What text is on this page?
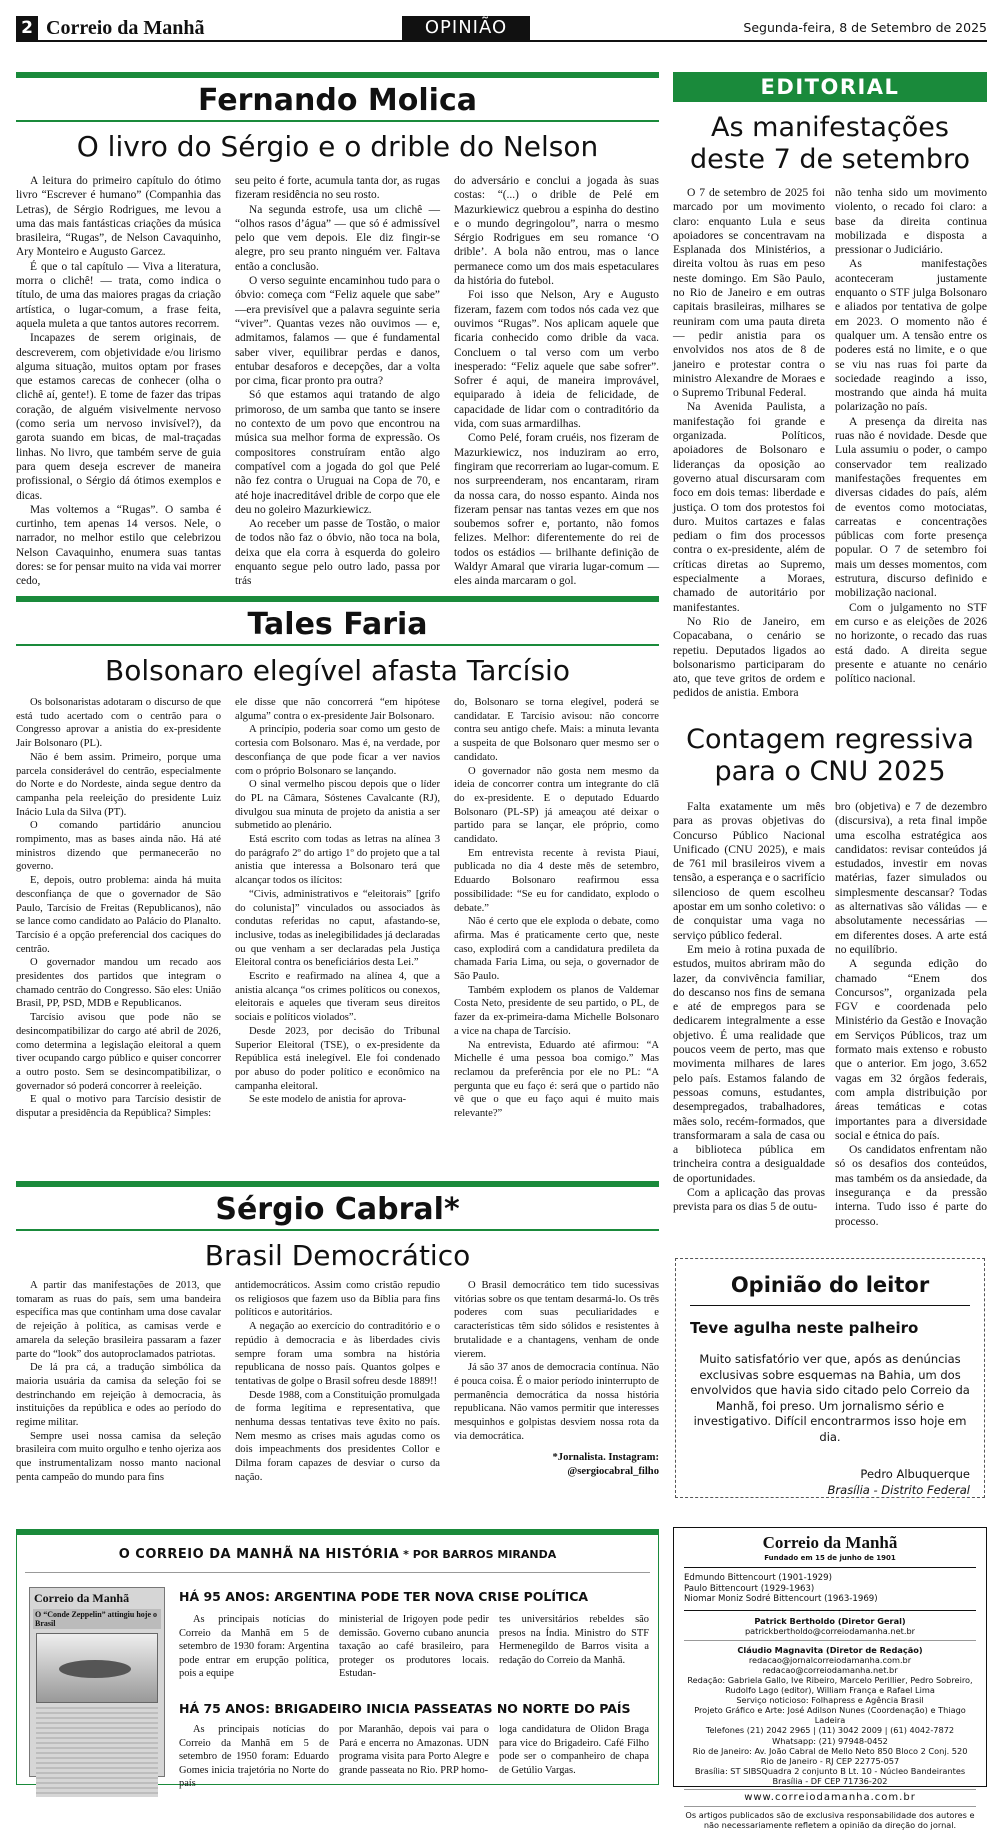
2 Correio da Manhã	OPINIÃO	Segunda-feira, 8 de Setembro de 2025
Fernando Molica
O livro do Sérgio e o drible do Nelson

A leitura do primeiro capítulo do ótimo livro “Escrever é humano” (Companhia das Letras), de Sérgio Rodrigues, me levou a uma das mais fantásticas criações da música brasileira, “Rugas”, de Nelson Cavaquinho, Ary Monteiro e Augusto Garcez.

É que o tal capítulo — Viva a literatura, morra o clichê! — trata, como indica o título, de uma das maiores pragas da criação artística, o lugar-comum, a frase feita, aquela muleta a que tantos autores recorrem.

Incapazes de serem originais, de descreverem, com objetividade e/ou lirismo alguma situação, muitos optam por frases que estamos carecas de conhecer (olha o clichê aí, gente!). E tome de fazer das tripas coração, de alguém visivelmente nervoso (como seria um nervoso invisível?), da garota suando em bicas, de mal-traçadas linhas. No livro, que também serve de guia para quem deseja escrever de maneira profissional, o Sérgio dá ótimos exemplos e dicas.

Mas voltemos a “Rugas”. O samba é curtinho, tem apenas 14 versos. Nele, o narrador, no melhor estilo que celebrizou Nelson Cavaquinho, enumera suas tantas dores: se for pensar muito na vida vai morrer cedo,

seu peito é forte, acumula tanta dor, as rugas fizeram residência no seu rosto.

Na segunda estrofe, usa um clichê — “olhos rasos d’água” — que só é admissível pelo que vem depois. Ele diz fingir-se alegre, pro seu pranto ninguém ver. Faltava então a conclusão.

O verso seguinte encaminhou tudo para o óbvio: começa com “Feliz aquele que sabe” —era previsível que a palavra seguinte seria “viver”. Quantas vezes não ouvimos — e, admitamos, falamos — que é fundamental saber viver, equilibrar perdas e danos, entubar desaforos e decepções, dar a volta por cima, ficar pronto pra outra?

Só que estamos aqui tratando de algo primoroso, de um samba que tanto se insere no contexto de um povo que encontrou na música sua melhor forma de expressão. Os compositores construíram então algo compatível com a jogada do gol que Pelé não fez contra o Uruguai na Copa de 70, e até hoje inacreditável drible de corpo que ele deu no goleiro Mazurkiewicz.

Ao receber um passe de Tostão, o maior de todos não faz o óbvio, não toca na bola, deixa que ela corra à esquerda do goleiro enquanto segue pelo outro lado, passa por trás

do adversário e conclui a jogada às suas costas: “(...) o drible de Pelé em Mazurkiewicz quebrou a espinha do destino e o mundo degringolou”, narra o mesmo Sérgio Rodrigues em seu romance ‘O drible’. A bola não entrou, mas o lance permanece como um dos mais espetaculares da história do futebol.

Foi isso que Nelson, Ary e Augusto fizeram, fazem com todos nós cada vez que ouvimos “Rugas”. Nos aplicam aquele que ficaria conhecido como drible da vaca. Concluem o tal verso com um verbo inesperado: “Feliz aquele que sabe sofrer”. Sofrer é aqui, de maneira improvável, equiparado à ideia de felicidade, de capacidade de lidar com o contraditório da vida, com suas armardilhas.

Como Pelé, foram cruéis, nos fizeram de Mazurkiewicz, nos induziram ao erro, fingiram que recorreriam ao lugar-comum. E nos surpreenderam, nos encantaram, riram da nossa cara, do nosso espanto. Ainda nos fizeram pensar nas tantas vezes em que nos soubemos sofrer e, portanto, não fomos felizes. Melhor: diferentemente do rei de todos os estádios — brilhante definição de Waldyr Amaral que viraria lugar-comum — eles ainda marcaram o gol.

Tales Faria
Bolsonaro elegível afasta Tarcísio

Os bolsonaristas adotaram o discurso de que está tudo acertado com o centrão para o Congresso aprovar a anistia do ex-presidente Jair Bolsonaro (PL).

Não é bem assim. Primeiro, porque uma parcela considerável do centrão, especialmente do Norte e do Nordeste, ainda segue dentro da campanha pela reeleição do presidente Luiz Inácio Lula da Silva (PT).

O comando partidário anunciou rompimento, mas as bases ainda não. Há até ministros dizendo que permanecerão no governo.

E, depois, outro problema: ainda há muita desconfiança de que o governador de São Paulo, Tarcísio de Freitas (Republicanos), não se lance como candidato ao Palácio do Planalto. Tarcísio é a opção preferencial dos caciques do centrão.

O governador mandou um recado aos presidentes dos partidos que integram o chamado centrão do Congresso. São eles: União Brasil, PP, PSD, MDB e Republicanos.

Tarcísio avisou que pode não se desincompatibilizar do cargo até abril de 2026, como determina a legislação eleitoral a quem tiver ocupando cargo público e quiser concorrer a outro posto. Sem se desincompatibilizar, o governador só poderá concorrer à reeleição.

E qual o motivo para Tarcísio desistir de disputar a presidência da República? Simples:

ele disse que não concorrerá “em hipótese alguma” contra o ex-presidente Jair Bolsonaro.

A princípio, poderia soar como um gesto de cortesia com Bolsonaro. Mas é, na verdade, por desconfiança de que pode ficar a ver navios com o próprio Bolsonaro se lançando.

O sinal vermelho piscou depois que o líder do PL na Câmara, Sóstenes Cavalcante (RJ), divulgou sua minuta de projeto da anistia a ser submetido ao plenário.

Está escrito com todas as letras na alínea 3 do parágrafo 2º do artigo 1º do projeto que a tal anistia que interessa a Bolsonaro terá que alcançar todos os ilícitos:

“Civis, administrativos e “eleitorais” [grifo do colunista]” vinculados ou associados às condutas referidas no caput, afastando-se, inclusive, todas as inelegibilidades já declaradas ou que venham a ser declaradas pela Justiça Eleitoral contra os beneficiários desta Lei.”

Escrito e reafirmado na alínea 4, que a anistia alcança “os crimes políticos ou conexos, eleitorais e aqueles que tiveram seus direitos sociais e políticos violados”.

Desde 2023, por decisão do Tribunal Superior Eleitoral (TSE), o ex-presidente da República está inelegível. Ele foi condenado por abuso do poder político e econômico na campanha eleitoral.

Se este modelo de anistia for aprova-

do, Bolsonaro se torna elegível, poderá se candidatar. E Tarcísio avisou: não concorre contra seu antigo chefe. Mais: a minuta levanta a suspeita de que Bolsonaro quer mesmo ser o candidato.

O governador não gosta nem mesmo da ideia de concorrer contra um integrante do clã do ex-presidente. E o deputado Eduardo Bolsonaro (PL-SP) já ameaçou até deixar o partido para se lançar, ele próprio, como candidato.

Em entrevista recente à revista Piauí, publicada no dia 4 deste mês de setembro, Eduardo Bolsonaro reafirmou essa possibilidade: “Se eu for candidato, explodo o debate.”

Não é certo que ele exploda o debate, como afirma. Mas é praticamente certo que, neste caso, explodirá com a candidatura predileta da chamada Faria Lima, ou seja, o governador de São Paulo.

Também explodem os planos de Valdemar Costa Neto, presidente de seu partido, o PL, de fazer da ex-primeira-dama Michelle Bolsonaro a vice na chapa de Tarcísio.

Na entrevista, Eduardo até afirmou: “A Michelle é uma pessoa boa comigo.” Mas reclamou da preferência por ele no PL: “A pergunta que eu faço é: será que o partido não vê que o que eu faço aqui é muito mais relevante?”

Sérgio Cabral*
Brasil Democrático

A partir das manifestações de 2013, que tomaram as ruas do país, sem uma bandeira específica mas que continham uma dose cavalar de rejeição à política, as camisas verde e amarela da seleção brasileira passaram a fazer parte do “look” dos autoproclamados patriotas.

De lá pra cá, a tradução simbólica da maioria usuária da camisa da seleção foi se destrinchando em rejeição à democracia, às instituições da república e odes ao período do regime militar.

Sempre usei nossa camisa da seleção brasileira com muito orgulho e tenho ojeriza aos que instrumentalizam nosso manto nacional penta campeão do mundo para fins

antidemocráticos. Assim como cristão repudio os religiosos que fazem uso da Bíblia para fins políticos e autoritários.

A negação ao exercício do contraditório e o repúdio à democracia e às liberdades civis sempre foram uma sombra na história republicana de nosso país. Quantos golpes e tentativas de golpe o Brasil sofreu desde 1889!!

Desde 1988, com a Constituição promulgada de forma legítima e representativa, que nenhuma dessas tentativas teve êxito no país. Nem mesmo as crises mais agudas como os dois impeachments dos presidentes Collor e Dilma foram capazes de desviar o curso da nação.

O Brasil democrático tem tido sucessivas vitórias sobre os que tentam desarmá-lo. Os três poderes com suas peculiaridades e características têm sido sólidos e resistentes à brutalidade e a chantagens, venham de onde vierem.

Já são 37 anos de democracia contínua. Não é pouca coisa. É o maior período ininterrupto de permanência democrática da nossa história republicana. Não vamos permitir que interesses mesquinhos e golpistas desviem nossa rota da via democrática.

*Jornalista. Instagram:
@sergiocabral_filho
EDITORIAL
As manifestações deste 7 de setembro

O 7 de setembro de 2025 foi marcado por um movimento claro: enquanto Lula e seus apoiadores se concentravam na Esplanada dos Ministérios, a direita voltou às ruas em peso neste domingo. Em São Paulo, no Rio de Janeiro e em outras capitais brasileiras, milhares se reuniram com uma pauta direta — pedir anistia para os envolvidos nos atos de 8 de janeiro e protestar contra o ministro Alexandre de Moraes e o Supremo Tribunal Federal.

Na Avenida Paulista, a manifestação foi grande e organizada. Políticos, apoiadores de Bolsonaro e lideranças da oposição ao governo atual discursaram com foco em dois temas: liberdade e justiça. O tom dos protestos foi duro. Muitos cartazes e falas pediam o fim dos processos contra o ex-presidente, além de críticas diretas ao Supremo, especialmente a Moraes, chamado de autoritário por manifestantes.

No Rio de Janeiro, em Copacabana, o cenário se repetiu. Deputados ligados ao bolsonarismo participaram do ato, que teve gritos de ordem e pedidos de anistia. Embora

não tenha sido um movimento violento, o recado foi claro: a base da direita continua mobilizada e disposta a pressionar o Judiciário.

As manifestações aconteceram justamente enquanto o STF julga Bolsonaro e aliados por tentativa de golpe em 2023. O momento não é qualquer um. A tensão entre os poderes está no limite, e o que se viu nas ruas foi parte da sociedade reagindo a isso, mostrando que ainda há muita polarização no país.

A presença da direita nas ruas não é novidade. Desde que Lula assumiu o poder, o campo conservador tem realizado manifestações frequentes em diversas cidades do país, além de eventos como motociatas, carreatas e concentrações públicas com forte presença popular. O 7 de setembro foi mais um desses momentos, com estrutura, discurso definido e mobilização nacional.

Com o julgamento no STF em curso e as eleições de 2026 no horizonte, o recado das ruas está dado. A direita segue presente e atuante no cenário político nacional.

Contagem regressiva para o CNU 2025

Falta exatamente um mês para as provas objetivas do Concurso Público Nacional Unificado (CNU 2025), e mais de 761 mil brasileiros vivem a tensão, a esperança e o sacrifício silencioso de quem escolheu apostar em um sonho coletivo: o de conquistar uma vaga no serviço público federal.

Em meio à rotina puxada de estudos, muitos abriram mão do lazer, da convivência familiar, do descanso nos fins de semana e até de empregos para se dedicarem integralmente a esse objetivo. É uma realidade que poucos veem de perto, mas que movimenta milhares de lares pelo país. Estamos falando de pessoas comuns, estudantes, desempregados, trabalhadores, mães solo, recém-formados, que transformaram a sala de casa ou a biblioteca pública em trincheira contra a desigualdade de oportunidades.

Com a aplicação das provas prevista para os dias 5 de outu-

bro (objetiva) e 7 de dezembro (discursiva), a reta final impõe uma escolha estratégica aos candidatos: revisar conteúdos já estudados, investir em novas matérias, fazer simulados ou simplesmente descansar? Todas as alternativas são válidas — e absolutamente necessárias — em diferentes doses. A arte está no equilíbrio.

A segunda edição do chamado “Enem dos Concursos”, organizada pela FGV e coordenada pelo Ministério da Gestão e Inovação em Serviços Públicos, traz um formato mais extenso e robusto que o anterior. Em jogo, 3.652 vagas em 32 órgãos federais, com ampla distribuição por áreas temáticas e cotas importantes para a diversidade social e étnica do país.

Os candidatos enfrentam não só os desafios dos conteúdos, mas também os da ansiedade, da insegurança e da pressão interna. Tudo isso é parte do processo.

Opinião do leitor
Teve agulha neste palheiro
Muito satisfatório ver que, após as denúncias exclusivas sobre esquemas na Bahia, um dos envolvidos que havia sido citado pelo Correio da Manhã, foi preso. Um jornalismo sério e investigativo. Difícil encontrarmos isso hoje em dia.
Pedro Albuquerque
Brasília - Distrito Federal
O CORREIO DA MANHÃ NA HISTÓRIA * POR BARROS MIRANDA
Correio da Manhã
O “Conde Zeppelin” attingiu hoje o Brasil
HÁ 95 ANOS: ARGENTINA PODE TER NOVA CRISE POLÍTICA

As principais notícias do Correio da Manhã em 5 de setembro de 1930 foram: Argentina pode entrar em erupção política, pois a equipe

ministerial de Irigoyen pode pedir demissão. Governo cubano anuncia taxação ao café brasileiro, para proteger os produtores locais. Estudan-

tes universitários rebeldes são presos na Índia. Ministro do STF Hermenegildo de Barros visita a redação do Correio da Manhã.

HÁ 75 ANOS: BRIGADEIRO INICIA PASSEATAS NO NORTE DO PAÍS

As principais notícias do Correio da Manhã em 5 de setembro de 1950 foram: Eduardo Gomes inicia trajetória no Norte do país

por Maranhão, depois vai para o Pará e encerra no Amazonas. UDN programa visita para Porto Alegre e grande passeata no Rio. PRP homo-

loga candidatura de Olidon Braga para vice do Brigadeiro. Café Filho pode ser o companheiro de chapa de Getúlio Vargas.

Correio da Manhã
Fundado em 15 de junho de 1901
Edmundo Bittencourt (1901-1929)
Paulo Bittencourt (1929-1963)
Niomar Moniz Sodré Bittencourt (1963-1969)
Patrick Bertholdo (Diretor Geral)
patrickbertholdo@correiodamanha.net.br
Cláudio Magnavita (Diretor de Redação)
redacao@jornalcorreiodamanha.com.br
redacao@correiodamanha.net.br
Redação: Gabriela Gallo, Ive Ribeiro, Marcelo Perillier, Pedro Sobreiro, Rudolfo Lago (editor), William França e Rafael Lima
Serviço noticioso: Folhapress e Agência Brasil
Projeto Gráfico e Arte: José Adilson Nunes (Coordenação) e Thiago Ladeira
Telefones (21) 2042 2965 | (11) 3042 2009 | (61) 4042-7872
Whatsapp: (21) 97948-0452
Rio de Janeiro: Av. João Cabral de Mello Neto 850 Bloco 2 Conj. 520
Rio de Janeiro - RJ CEP 22775-057
Brasília: ST SIBSQuadra 2 conjunto B Lt. 10 - Núcleo Bandeirantes
Brasília - DF CEP 71736-202
www.correiodamanha.com.br
Os artigos publicados são de exclusiva responsabilidade dos autores e não necessariamente refletem a opinião da direção do jornal.
